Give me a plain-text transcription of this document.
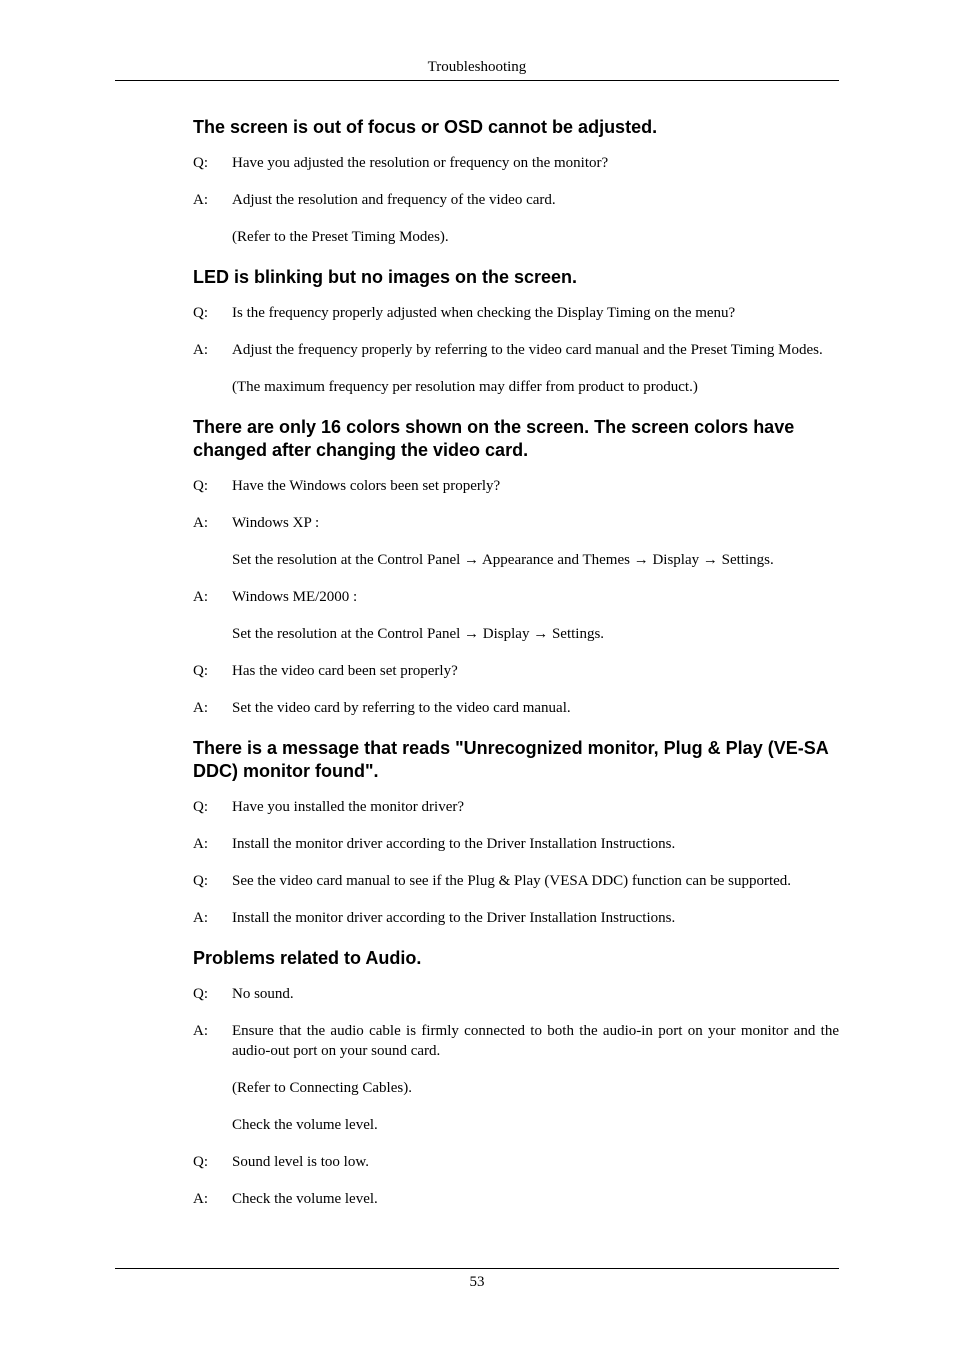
Troubleshooting
The screen is out of focus or OSD cannot be adjusted.
Q:	Have you adjusted the resolution or frequency on the monitor?
A:	Adjust the resolution and frequency of the video card.
(Refer to the Preset Timing Modes).
LED is blinking but no images on the screen.
Q:	Is the frequency properly adjusted when checking the Display Timing on the menu?
A:	Adjust the frequency properly by referring to the video card manual and the Preset Timing Modes.
(The maximum frequency per resolution may differ from product to product.)
There are only 16 colors shown on the screen. The screen colors have changed after changing the video card.
Q:	Have the Windows colors been set properly?
A:	Windows XP :
Set the resolution at the Control Panel → Appearance and Themes → Display → Settings.
A:	Windows ME/2000 :
Set the resolution at the Control Panel → Display → Settings.
Q:	Has the video card been set properly?
A:	Set the video card by referring to the video card manual.
There is a message that reads "Unrecognized monitor, Plug & Play (VE-SA DDC) monitor found".
Q:	Have you installed the monitor driver?
A:	Install the monitor driver according to the Driver Installation Instructions.
Q:	See the video card manual to see if the Plug & Play (VESA DDC) function can be supported.
A:	Install the monitor driver according to the Driver Installation Instructions.
Problems related to Audio.
Q:	No sound.
A:	Ensure that the audio cable is firmly connected to both the audio-in port on your monitor and the audio-out port on your sound card.
(Refer to Connecting Cables).
Check the volume level.
Q:	Sound level is too low.
A:	Check the volume level.
53
